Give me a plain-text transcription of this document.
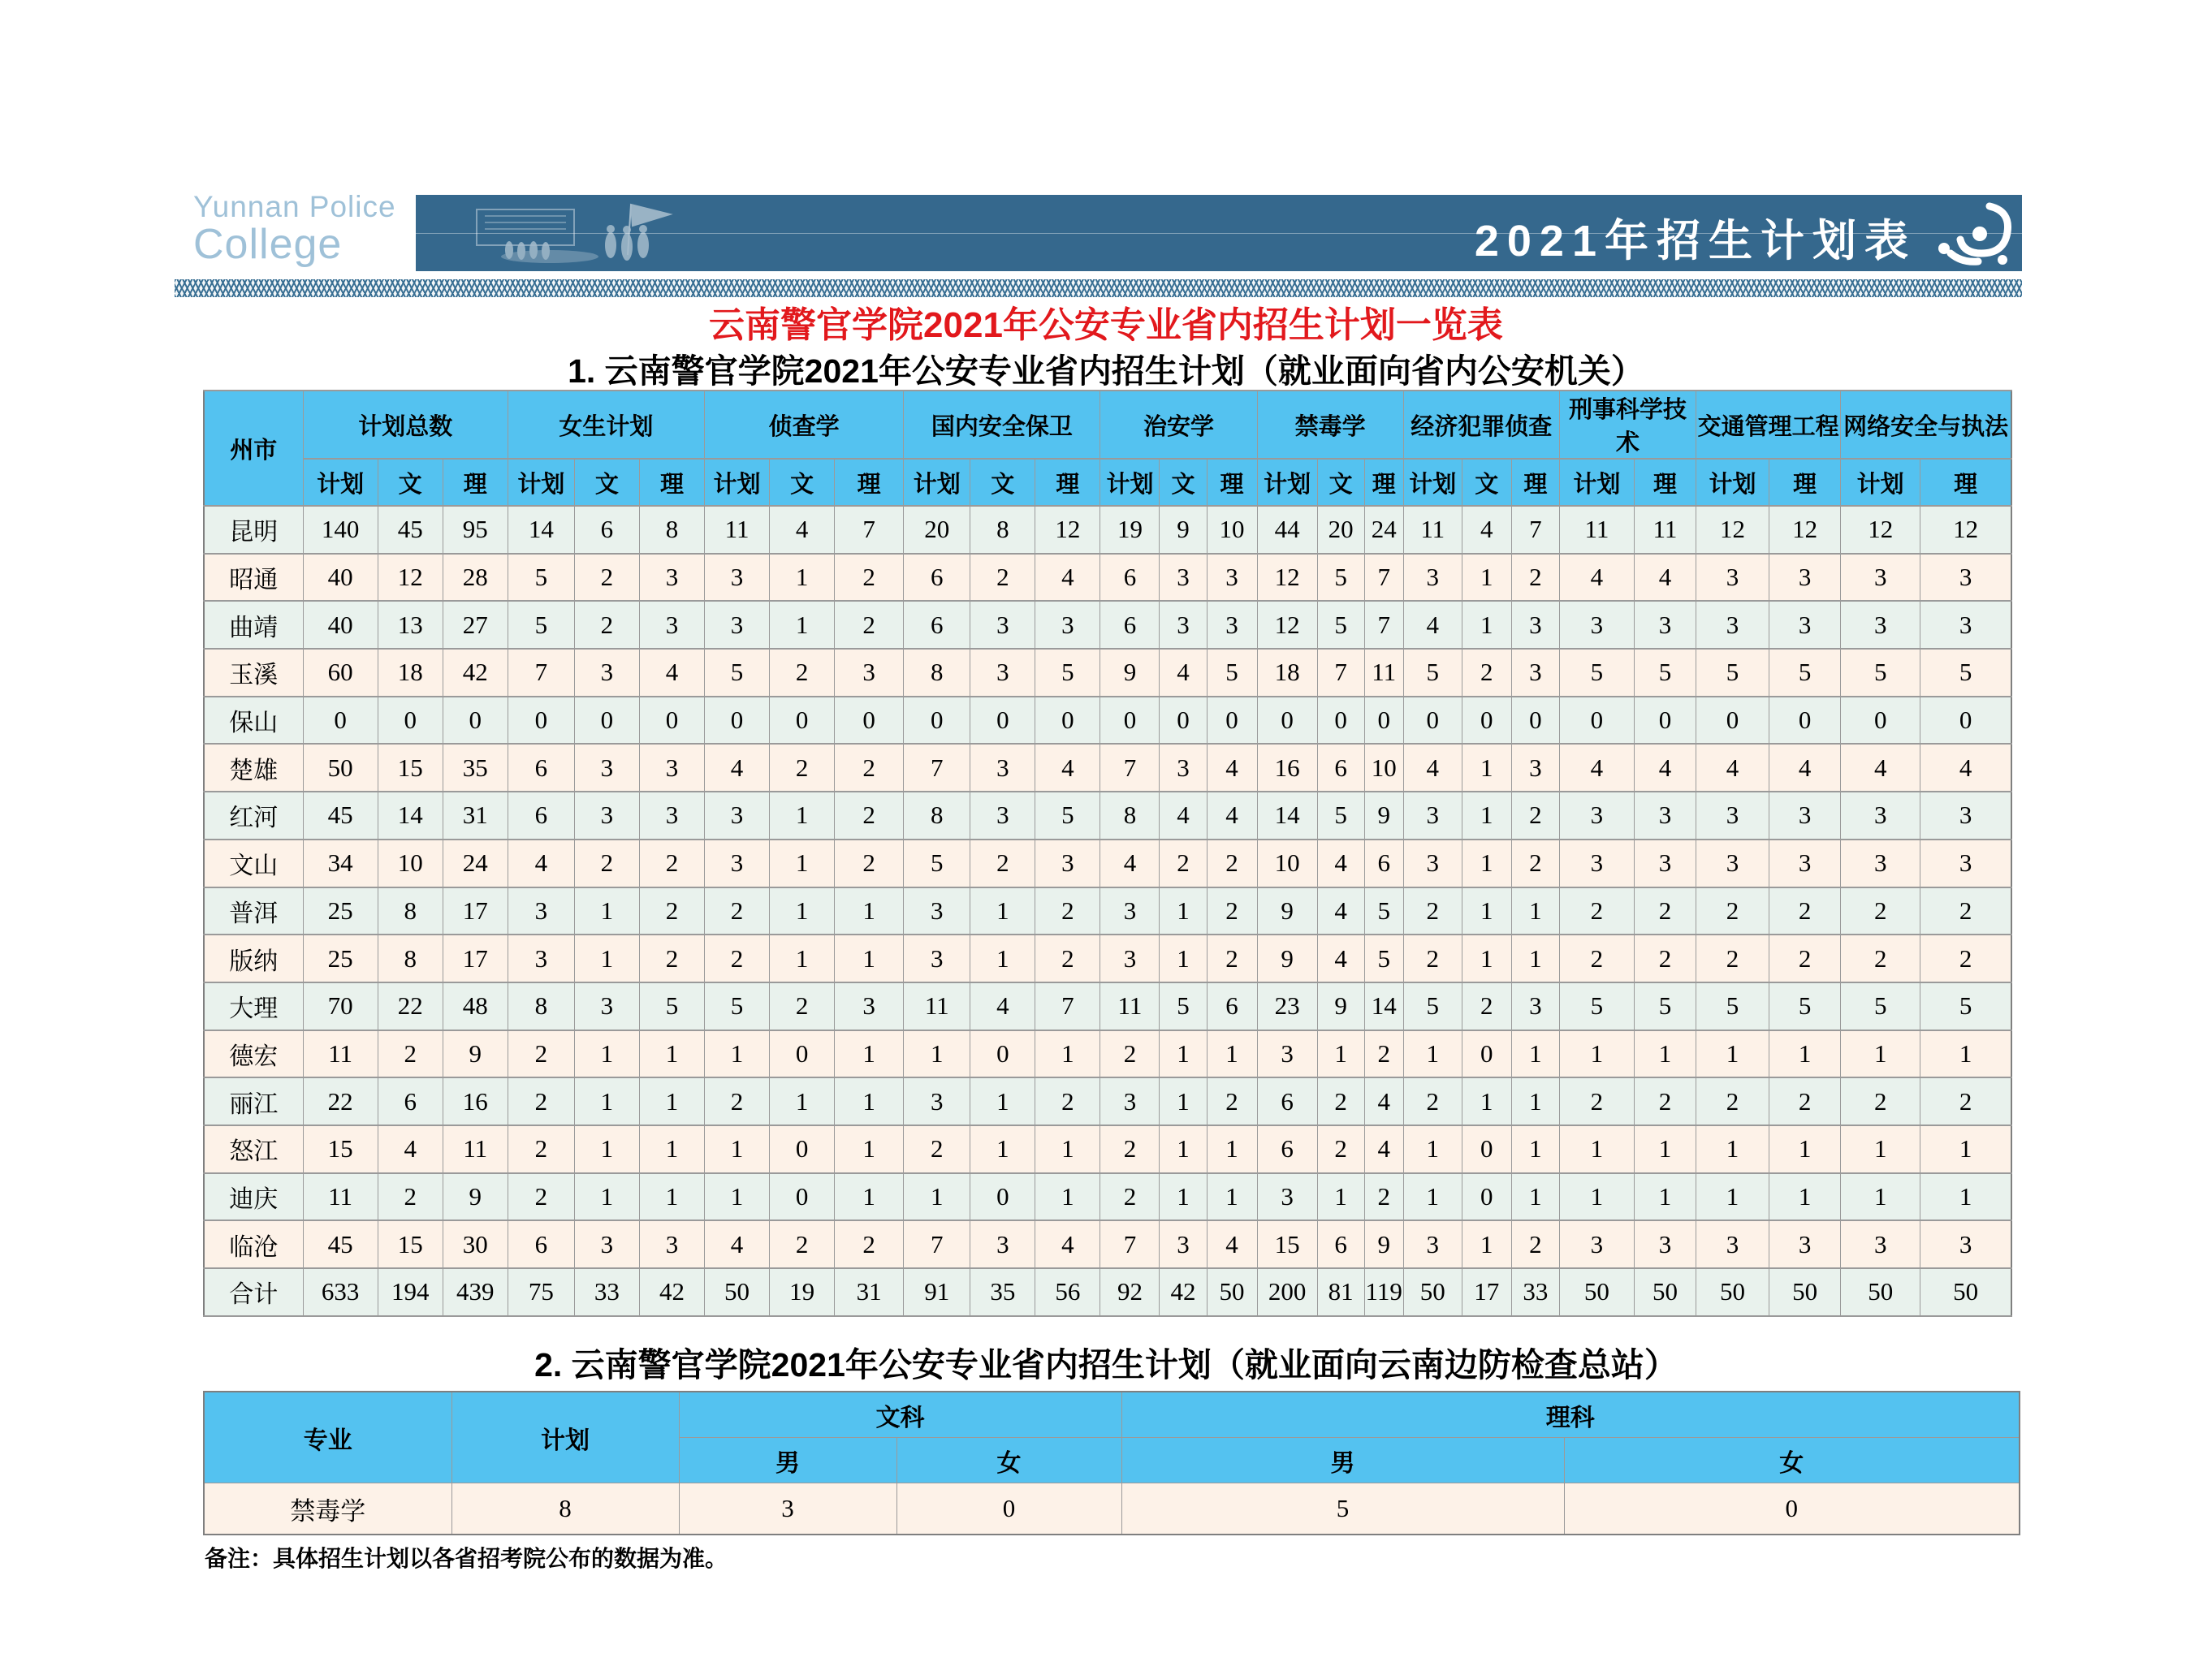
Yunnan Police
College	2021年招生计划表
云南警官学院2021年公安专业省内招生计划一览表
1. 云南警官学院2021年公安专业省内招生计划（就业面向省内公安机关）
州市	计划总数			女生计划			侦查学			国内安全保卫			治安学			禁毒学			经济犯罪侦查			刑事科学技术		交通管理工程		网络安全与执法	
	计划	文	理	计划	文	理	计划	文	理	计划	文	理	计划	文	理	计划	文	理	计划	文	理	计划	理	计划	理	计划	理
昆明	140	45	95	14	6	8	11	4	7	20	8	12	19	9	10	44	20	24	11	4	7	11	11	12	12	12	12
昭通	40	12	28	5	2	3	3	1	2	6	2	4	6	3	3	12	5	7	3	1	2	4	4	3	3	3	3
曲靖	40	13	27	5	2	3	3	1	2	6	3	3	6	3	3	12	5	7	4	1	3	3	3	3	3	3	3
玉溪	60	18	42	7	3	4	5	2	3	8	3	5	9	4	5	18	7	11	5	2	3	5	5	5	5	5	5
保山	0	0	0	0	0	0	0	0	0	0	0	0	0	0	0	0	0	0	0	0	0	0	0	0	0	0	0
楚雄	50	15	35	6	3	3	4	2	2	7	3	4	7	3	4	16	6	10	4	1	3	4	4	4	4	4	4
红河	45	14	31	6	3	3	3	1	2	8	3	5	8	4	4	14	5	9	3	1	2	3	3	3	3	3	3
文山	34	10	24	4	2	2	3	1	2	5	2	3	4	2	2	10	4	6	3	1	2	3	3	3	3	3	3
普洱	25	8	17	3	1	2	2	1	1	3	1	2	3	1	2	9	4	5	2	1	1	2	2	2	2	2	2
版纳	25	8	17	3	1	2	2	1	1	3	1	2	3	1	2	9	4	5	2	1	1	2	2	2	2	2	2
大理	70	22	48	8	3	5	5	2	3	11	4	7	11	5	6	23	9	14	5	2	3	5	5	5	5	5	5
德宏	11	2	9	2	1	1	1	0	1	1	0	1	2	1	1	3	1	2	1	0	1	1	1	1	1	1	1
丽江	22	6	16	2	1	1	2	1	1	3	1	2	3	1	2	6	2	4	2	1	1	2	2	2	2	2	2
怒江	15	4	11	2	1	1	1	0	1	2	1	1	2	1	1	6	2	4	1	0	1	1	1	1	1	1	1
迪庆	11	2	9	2	1	1	1	0	1	1	0	1	2	1	1	3	1	2	1	0	1	1	1	1	1	1	1
临沧	45	15	30	6	3	3	4	2	2	7	3	4	7	3	4	15	6	9	3	1	2	3	3	3	3	3	3
合计	633	194	439	75	33	42	50	19	31	91	35	56	92	42	50	200	81	119	50	17	33	50	50	50	50	50	50
2. 云南警官学院2021年公安专业省内招生计划（就业面向云南边防检查总站）
专业	计划	文科		理科	
		男	女	男	女
禁毒学	8	3	0	5	0
备注：具体招生计划以各省招考院公布的数据为准。
